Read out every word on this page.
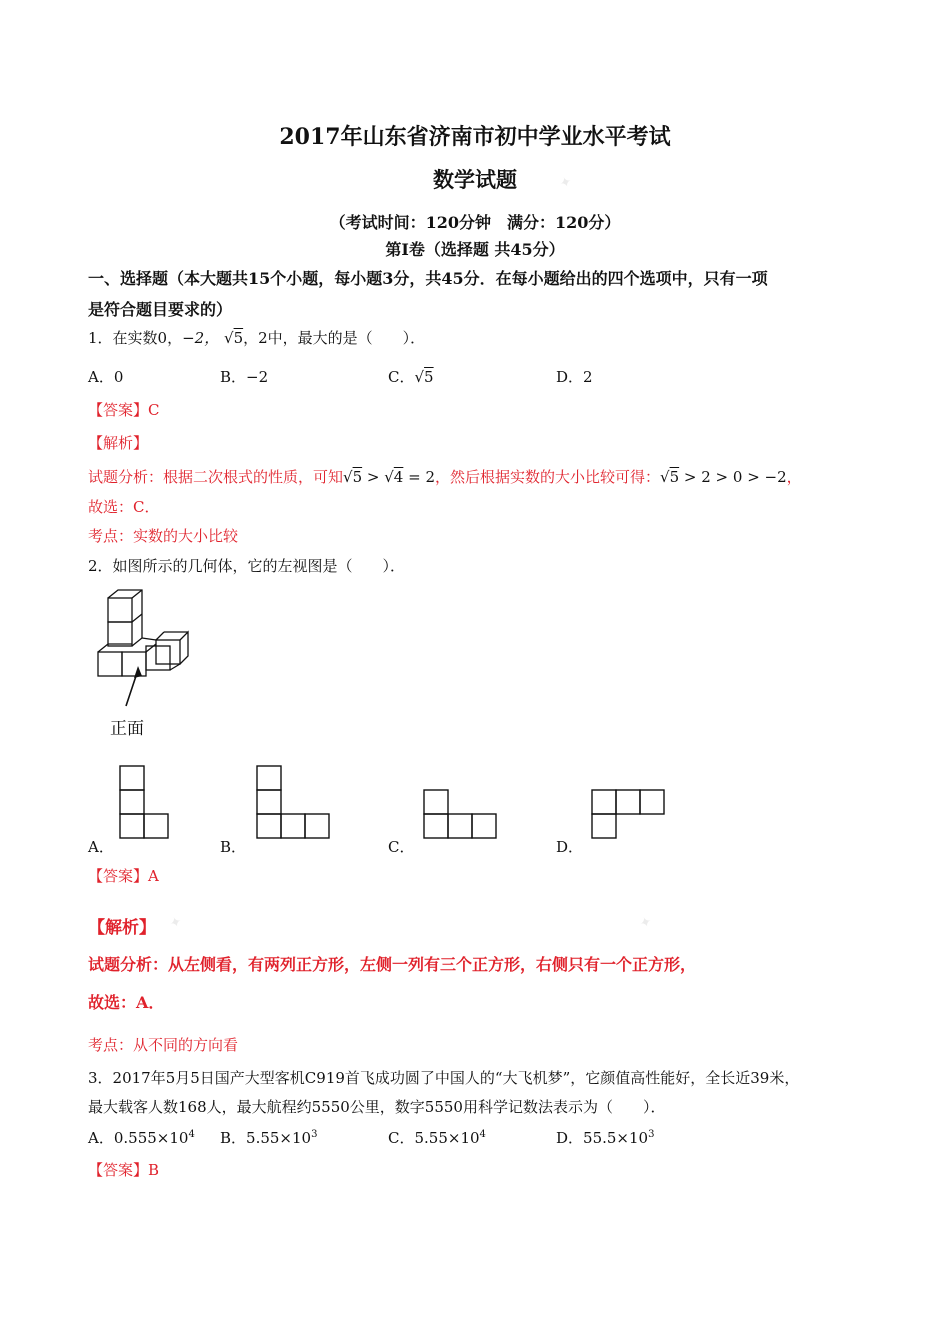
2017年山东省济南市初中学业水平考试
数学试题
（考试时间：120分钟　满分：120分）
第Ⅰ卷（选择题 共45分）
一、选择题（本大题共15个小题，每小题3分，共45分．在每小题给出的四个选项中，只有一项
是符合题目要求的）
1．在实数0，−2， √5，2中，最大的是（　　）．
A．0	B．−2	C．√5	D．2
【答案】C
【解析】
试题分析：根据二次根式的性质，可知√5 > √4 = 2，然后根据实数的大小比较可得：√5 > 2 > 0 > −2，
故选：C．
考点：实数的大小比较
2．如图所示的几何体，它的左视图是（　　）．
正面
A．	B．	C．	D．
【答案】A
✦
✦	✦
【解析】
试题分析：从左侧看，有两列正方形，左侧一列有三个正方形，右侧只有一个正方形，
故选：A．
考点：从不同的方向看
3．2017年5月5日国产大型客机C919首飞成功圆了中国人的“大飞机梦”，它颜值高性能好，全长近39米，
最大载客人数168人，最大航程约5550公里，数字5550用科学记数法表示为（　　）．
A．$0.555\times 10^4$ B．$5.55\times 10^3$	C．$5.55\times 10^4$	D．$55.5\times 10^3$
【答案】B
